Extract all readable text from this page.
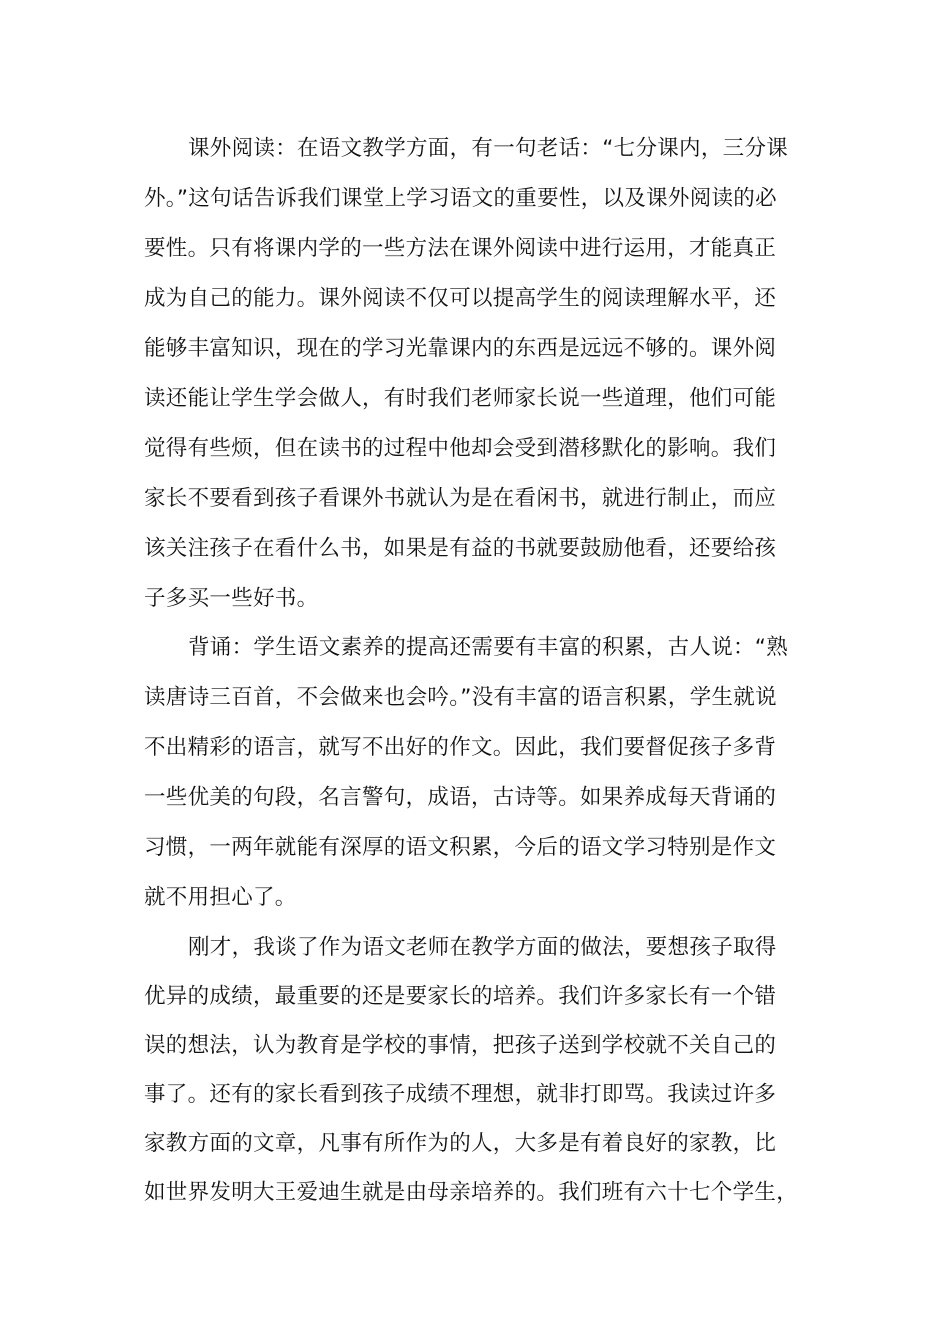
课外阅读：在语文教学方面，有一句老话：“七分课内，三分课
外。”这句话告诉我们课堂上学习语文的重要性，以及课外阅读的必
要性。只有将课内学的一些方法在课外阅读中进行运用，才能真正
成为自己的能力。课外阅读不仅可以提高学生的阅读理解水平，还
能够丰富知识，现在的学习光靠课内的东西是远远不够的。课外阅
读还能让学生学会做人，有时我们老师家长说一些道理，他们可能
觉得有些烦，但在读书的过程中他却会受到潜移默化的影响。我们
家长不要看到孩子看课外书就认为是在看闲书，就进行制止，而应
该关注孩子在看什么书，如果是有益的书就要鼓励他看，还要给孩
子多买一些好书。
背诵：学生语文素养的提高还需要有丰富的积累，古人说：“熟
读唐诗三百首，不会做来也会吟。”没有丰富的语言积累，学生就说
不出精彩的语言，就写不出好的作文。因此，我们要督促孩子多背
一些优美的句段，名言警句，成语，古诗等。如果养成每天背诵的
习惯，一两年就能有深厚的语文积累，今后的语文学习特别是作文
就不用担心了。
刚才，我谈了作为语文老师在教学方面的做法，要想孩子取得
优异的成绩，最重要的还是要家长的培养。我们许多家长有一个错
误的想法，认为教育是学校的事情，把孩子送到学校就不关自己的
事了。还有的家长看到孩子成绩不理想，就非打即骂。我读过许多
家教方面的文章，凡事有所作为的人，大多是有着良好的家教，比
如世界发明大王爱迪生就是由母亲培养的。我们班有六十七个学生，
